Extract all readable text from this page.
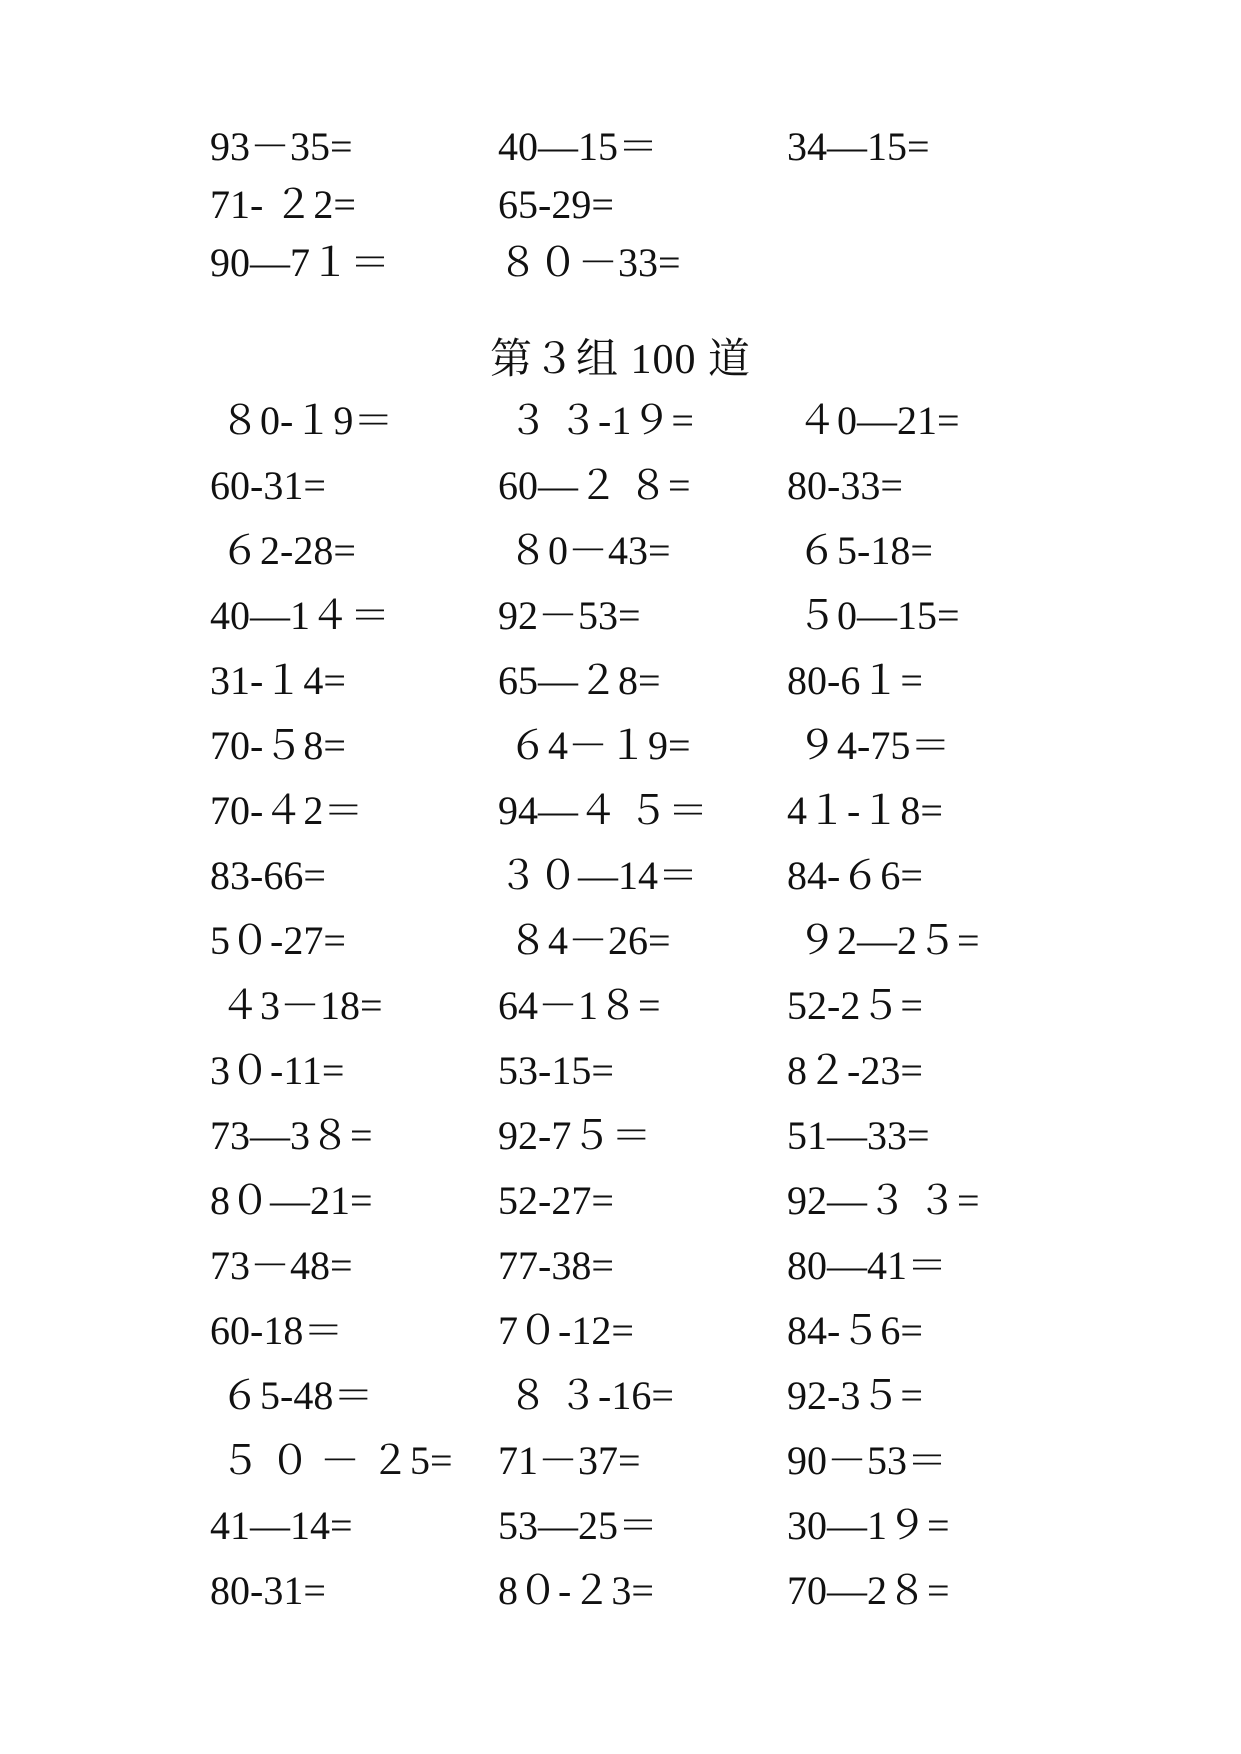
93－35=	40—15＝	34—15=
71- ２2=	65-29=
90—7１＝	８０－33=
第３组 100 道
８0-１9＝	３ ３-1９= ４0—21=
60-31=	60—２ ８= 80-33=
６2-28=	８0－43=	６5-18=
40—1４＝	92－53=	５0—15=
31-１4=	65—２8=	80-6１=
70-５8=	６4－１9= ９4-75＝
70-４2＝	94—４ ５＝ 4１-１8=
83-66=	３０—14＝ 84-６6=
5０-27=	８4－26=	９2—2５=
４3－18=	64－1８=	52-2５=
3０-11=	53-15=	8２-23=
73—3８=	92-7５＝	51—33=
8０—21=	52-27=	92—３ ３=
73－48=	77-38=	80—41＝
60-18＝	7０-12=	84-５6=
６5-48＝	８ ３-16=	92-3５=
５ ０ － ２5= 71－37=	90－53＝
41—14=	53—25＝	30—1９=
80-31=	8０-２3=	70—2８=
